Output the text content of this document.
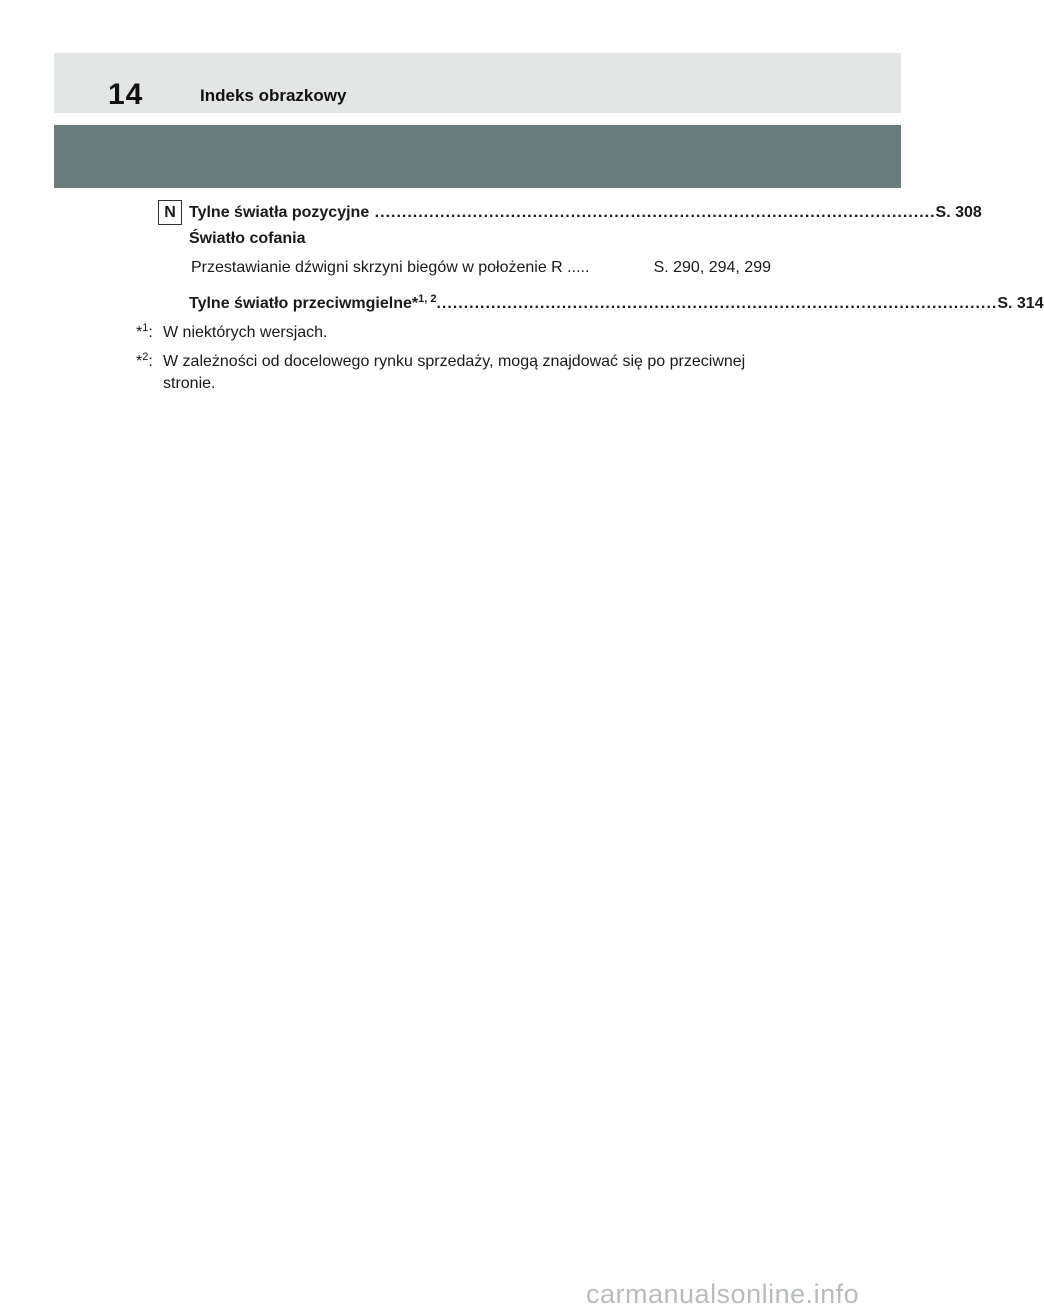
14	Indeks obrazkowy
N Tylne światła pozycyjne ....................................................................................................... S. 308
Światło cofania
Przestawianie dźwigni skrzyni biegów w położenie R .....	S. 290, 294, 299
Tylne światło przeciwmgielne*$^{1, 2}$ ....................................................................................................... S. 314
*$^1$: W niektórych wersjach.
*$^2$: W zależności od docelowego rynku sprzedaży, mogą znajdować się po przeciwnej stronie.
carmanualsonline.info
